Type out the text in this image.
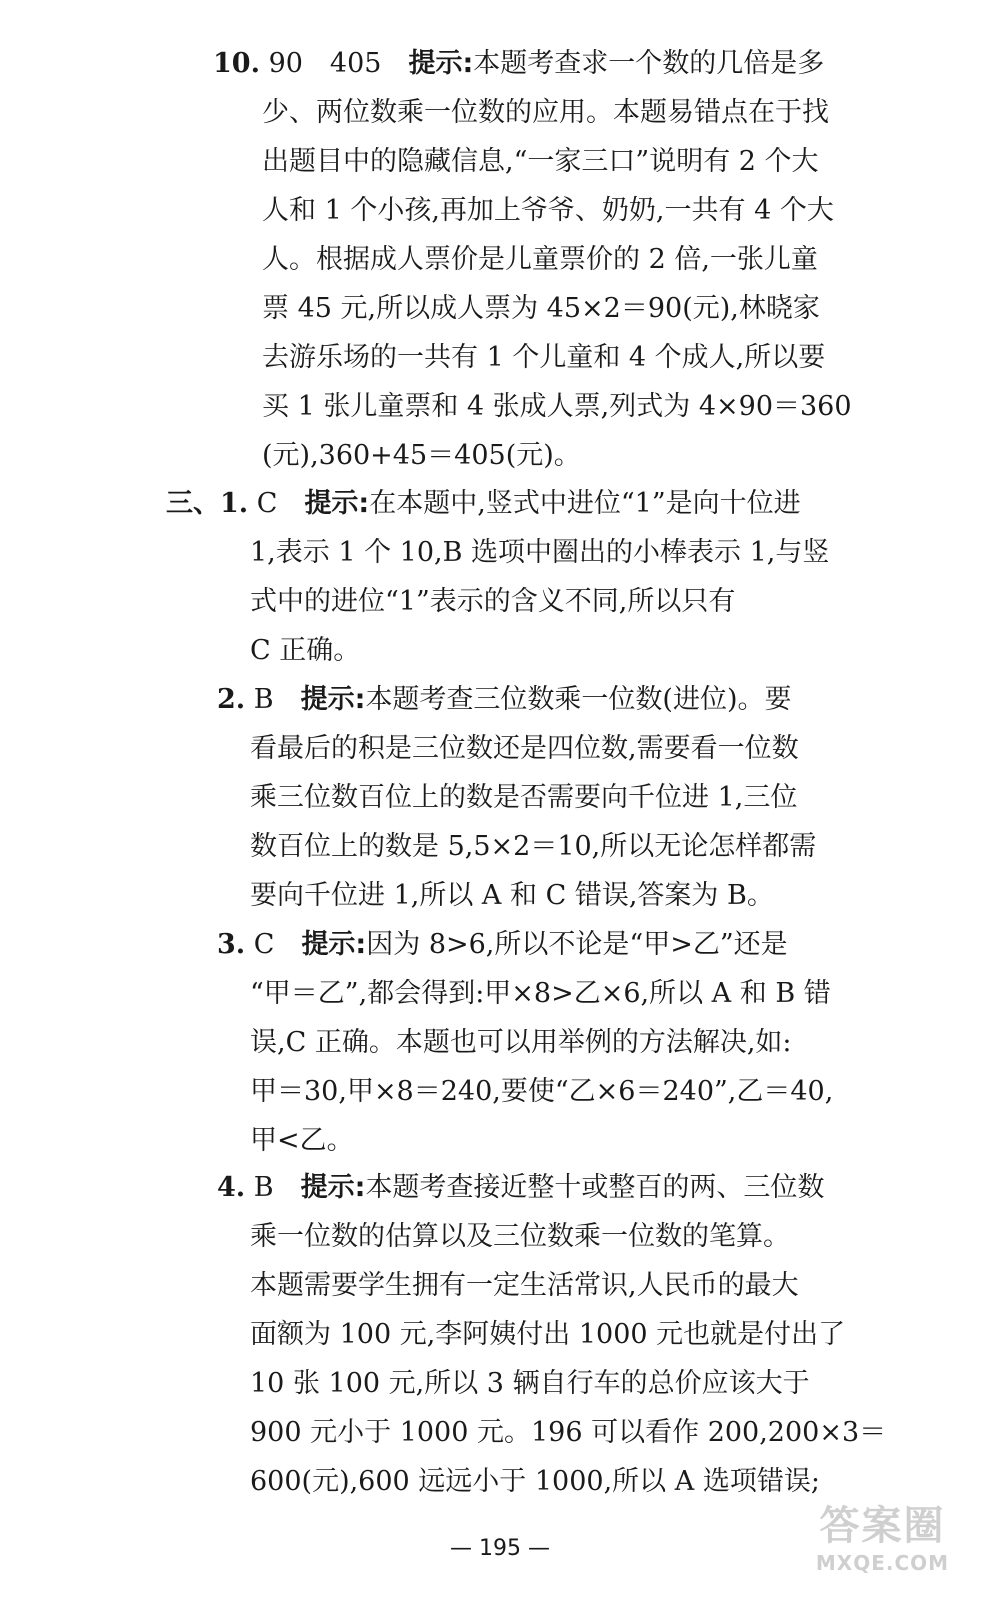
10. 90　405　提示:本题考查求一个数的几倍是多
少、两位数乘一位数的应用。本题易错点在于找
出题目中的隐藏信息,“一家三口”说明有 2 个大
人和 1 个小孩,再加上爷爷、奶奶,一共有 4 个大
人。根据成人票价是儿童票价的 2 倍,一张儿童
票 45 元,所以成人票为 45×2＝90(元),林晓家
去游乐场的一共有 1 个儿童和 4 个成人,所以要
买 1 张儿童票和 4 张成人票,列式为 4×90＝360
(元),360+45＝405(元)。
三、1. C　提示:在本题中,竖式中进位“1”是向十位进
1,表示 1 个 10,B 选项中圈出的小棒表示 1,与竖
式中的进位“1”表示的含义不同,所以只有
C 正确。
2. B　提示:本题考查三位数乘一位数(进位)。要
看最后的积是三位数还是四位数,需要看一位数
乘三位数百位上的数是否需要向千位进 1,三位
数百位上的数是 5,5×2＝10,所以无论怎样都需
要向千位进 1,所以 A 和 C 错误,答案为 B。
3. C　提示:因为 8>6,所以不论是“甲>乙”还是
“甲＝乙”,都会得到:甲×8>乙×6,所以 A 和 B 错
误,C 正确。本题也可以用举例的方法解决,如:
甲＝30,甲×8＝240,要使“乙×6＝240”,乙＝40,
甲<乙。
4. B　提示:本题考查接近整十或整百的两、三位数
乘一位数的估算以及三位数乘一位数的笔算。
本题需要学生拥有一定生活常识,人民币的最大
面额为 100 元,李阿姨付出 1000 元也就是付出了
10 张 100 元,所以 3 辆自行车的总价应该大于
900 元小于 1000 元。196 可以看作 200,200×3＝
600(元),600 远远小于 1000,所以 A 选项错误;
— 195 —	答案圈
MXQE.COM
